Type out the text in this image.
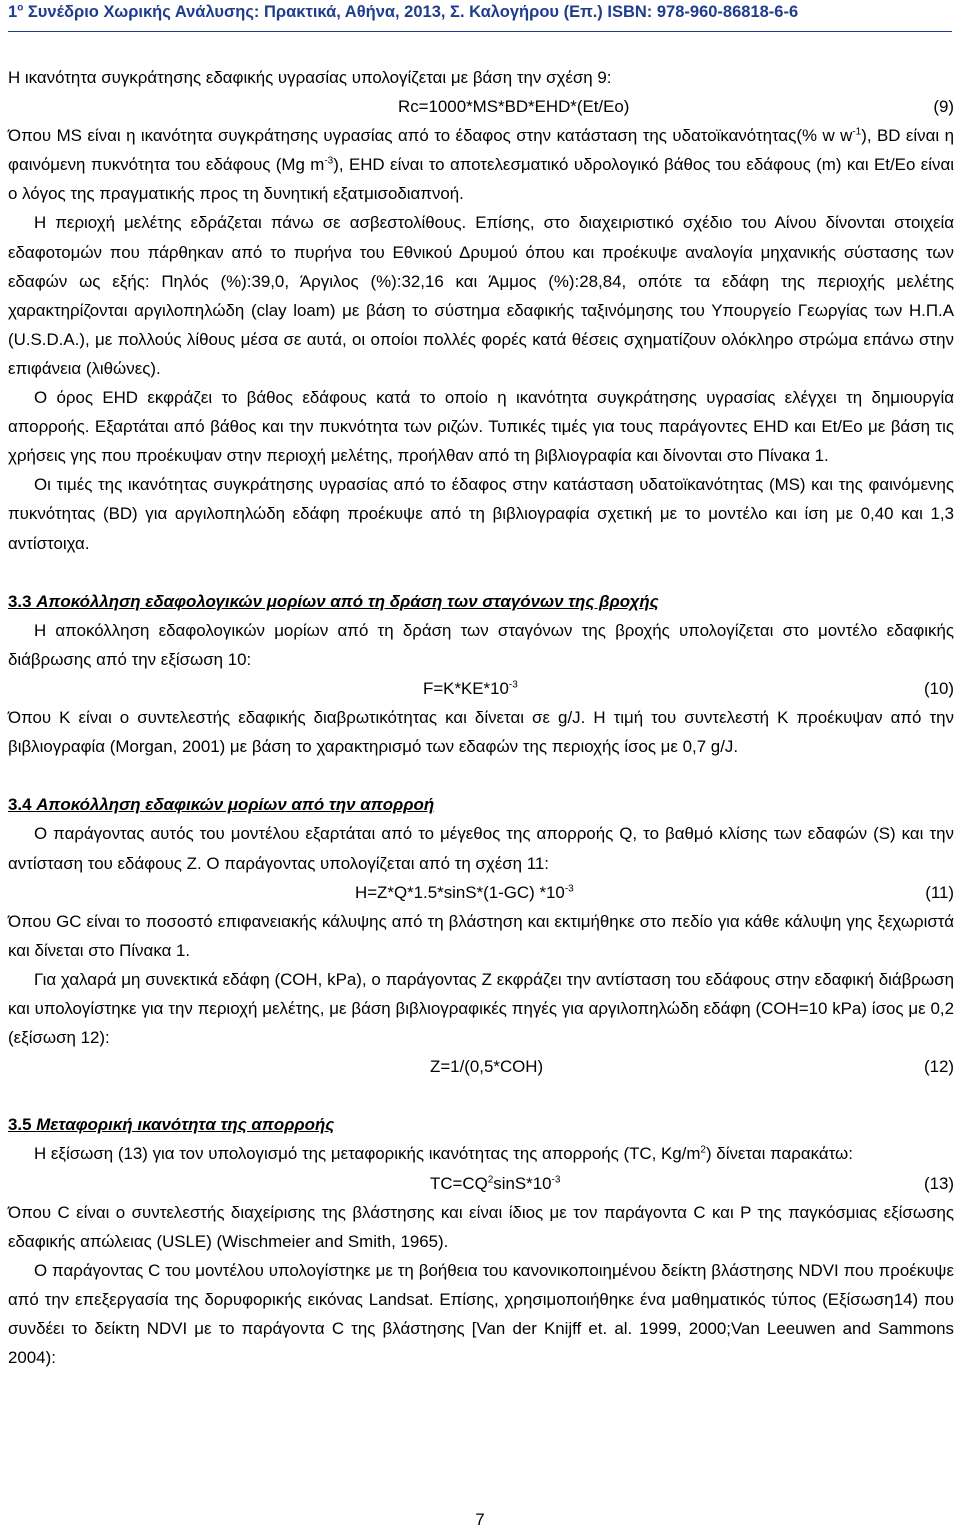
$1^o$ Συνέδριο Χωρικής Ανάλυσης: Πρακτικά, Αθήνα, 2013, Σ. Καλογήρου (Επ.) ISBN: 978-960-86818-6-6

Η ικανότητα συγκράτησης εδαφικής υγρασίας υπολογίζεται με βάση την σχέση 9:

Rc=1000*MS*BD*EHD*(Et/Eo)	(9)

Όπου MS είναι η ικανότητα συγκράτησης υγρασίας από το έδαφος στην κατάσταση της υδατοϊκανότητας(% w $w^{-1}$), BD είναι η φαινόμενη πυκνότητα του εδάφους (Mg $m^{-3}$), EHD είναι το αποτελεσματικό υδρολογικό βάθος του εδάφους (m) και Et/Eo είναι ο λόγος της πραγματικής προς τη δυνητική εξατμισοδιαπνοή.

Η περιοχή μελέτης εδράζεται πάνω σε ασβεστολίθους. Επίσης, στο διαχειριστικό σχέδιο του Αίνου δίνονται στοιχεία εδαφοτομών που πάρθηκαν από το πυρήνα του Εθνικού Δρυμού όπου και προέκυψε αναλογία μηχανικής σύστασης των εδαφών ως εξής: Πηλός (%):39,0, Άργιλος (%):32,16 και Άμμος (%):28,84, οπότε τα εδάφη της περιοχής μελέτης χαρακτηρίζονται αργιλοπηλώδη (clay loam) με βάση το σύστημα εδαφικής ταξινόμησης του Υπουργείο Γεωργίας των Η.Π.Α (U.S.D.A.), με πολλούς λίθους μέσα σε αυτά, οι οποίοι πολλές φορές κατά θέσεις σχηματίζουν ολόκληρο στρώμα επάνω στην επιφάνεια (λιθώνες).

Ο όρος EHD εκφράζει το βάθος εδάφους κατά το οποίο η ικανότητα συγκράτησης υγρασίας ελέγχει τη δημιουργία απορροής. Εξαρτάται από βάθος και την πυκνότητα των ριζών. Τυπικές τιμές για τους παράγοντες EHD και Et/Eo με βάση τις χρήσεις γης που προέκυψαν στην περιοχή μελέτης, προήλθαν από τη βιβλιογραφία και δίνονται στο Πίνακα 1.

Οι τιμές της ικανότητας συγκράτησης υγρασίας από το έδαφος στην κατάσταση υδατοϊκανότητας (MS) και της φαινόμενης πυκνότητας (BD) για αργιλοπηλώδη εδάφη προέκυψε από τη βιβλιογραφία σχετική με το μοντέλο και ίση με 0,40 και 1,3 αντίστοιχα.

3.3 Αποκόλληση εδαφολογικών μορίων από τη δράση των σταγόνων της βροχής

Η αποκόλληση εδαφολογικών μορίων από τη δράση των σταγόνων της βροχής υπολογίζεται στο μοντέλο εδαφικής διάβρωσης από την εξίσωση 10:

$F=K*KE*10^{-3}$	(10)

Όπου K είναι ο συντελεστής εδαφικής διαβρωτικότητας και δίνεται σε g/J. Η τιμή του συντελεστή K προέκυψαν από την βιβλιογραφία (Morgan, 2001) με βάση το χαρακτηρισμό των εδαφών της περιοχής ίσος με 0,7 g/J.

3.4 Αποκόλληση εδαφικών μορίων από την απορροή

Ο παράγοντας αυτός του μοντέλου εξαρτάται από το μέγεθος της απορροής Q, το βαθμό κλίσης των εδαφών (S) και την αντίσταση του εδάφους Z. Ο παράγοντας υπολογίζεται από τη σχέση 11:

H=Z*Q*1.5*sinS*(1-GC) $*10^{-3}$	(11)

Όπου GC είναι το ποσοστό επιφανειακής κάλυψης από τη βλάστηση και εκτιμήθηκε στο πεδίο για κάθε κάλυψη γης ξεχωριστά και δίνεται στο Πίνακα 1.

Για χαλαρά μη συνεκτικά εδάφη (COH, kPa), ο παράγοντας Z εκφράζει την αντίσταση του εδάφους στην εδαφική διάβρωση και υπολογίστηκε για την περιοχή μελέτης, με βάση βιβλιογραφικές πηγές για αργιλοπηλώδη εδάφη (COH=10 kPa) ίσος με 0,2 (εξίσωση 12):

Z=1/(0,5*COH)	(12)

3.5 Μεταφορική ικανότητα της απορροής

Η εξίσωση (13) για τον υπολογισμό της μεταφορικής ικανότητας της απορροής (TC, $Kg/m^2$) δίνεται παρακάτω:

$TC=CQ^2\sin S*10^{-3}$	(13)

Όπου C είναι ο συντελεστής διαχείρισης της βλάστησης και είναι ίδιος με τον παράγοντα C και P της παγκόσμιας εξίσωσης εδαφικής απώλειας (USLE) (Wischmeier and Smith, 1965).

Ο παράγοντας C του μοντέλου υπολογίστηκε με τη βοήθεια του κανονικοποιημένου δείκτη βλάστησης NDVI που προέκυψε από την επεξεργασία της δορυφορικής εικόνας Landsat. Επίσης, χρησιμοποιήθηκε ένα μαθηματικός τύπος (Εξίσωση14) που συνδέει το δείκτη NDVI με το παράγοντα C της βλάστησης [Van der Knijff et. al. 1999, 2000;Van Leeuwen and Sammons 2004):

7
